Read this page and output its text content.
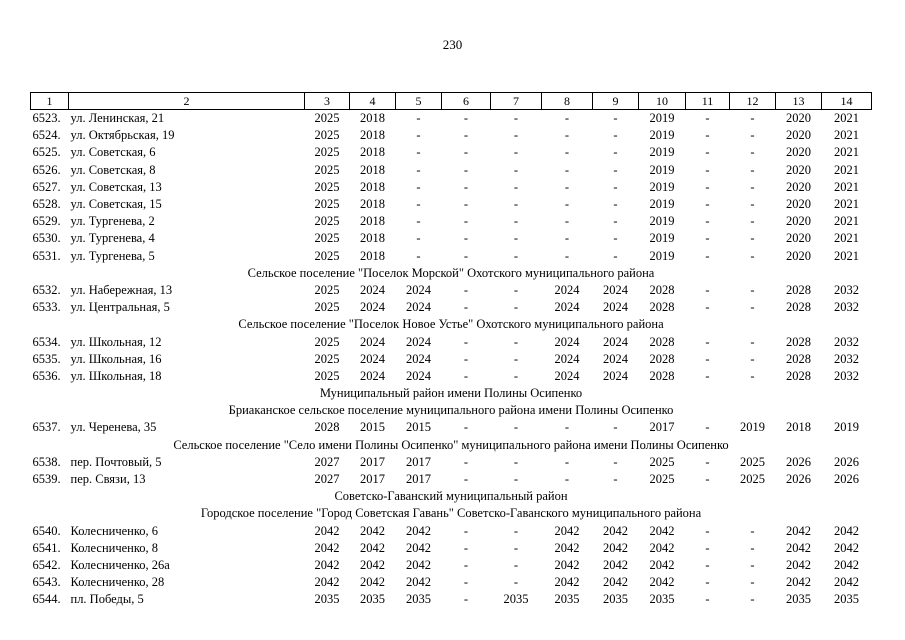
230
1	2	3	4	5	6	7	8	9	10	11	12	13	14
6523.	ул. Ленинская, 21	2025	2018	-	-	-	-	-	2019	-	-	2020	2021
6524.	ул. Октябрьская, 19	2025	2018	-	-	-	-	-	2019	-	-	2020	2021
6525.	ул. Советская, 6	2025	2018	-	-	-	-	-	2019	-	-	2020	2021
6526.	ул. Советская, 8	2025	2018	-	-	-	-	-	2019	-	-	2020	2021
6527.	ул. Советская, 13	2025	2018	-	-	-	-	-	2019	-	-	2020	2021
6528.	ул. Советская, 15	2025	2018	-	-	-	-	-	2019	-	-	2020	2021
6529.	ул. Тургенева, 2	2025	2018	-	-	-	-	-	2019	-	-	2020	2021
6530.	ул. Тургенева, 4	2025	2018	-	-	-	-	-	2019	-	-	2020	2021
6531.	ул. Тургенева, 5	2025	2018	-	-	-	-	-	2019	-	-	2020	2021
Сельское поселение "Поселок Морской" Охотского муниципального района													
6532.	ул. Набережная, 13	2025	2024	2024	-	-	2024	2024	2028	-	-	2028	2032
6533.	ул. Центральная, 5	2025	2024	2024	-	-	2024	2024	2028	-	-	2028	2032
Сельское поселение "Поселок Новое Устье" Охотского муниципального района													
6534.	ул. Школьная, 12	2025	2024	2024	-	-	2024	2024	2028	-	-	2028	2032
6535.	ул. Школьная, 16	2025	2024	2024	-	-	2024	2024	2028	-	-	2028	2032
6536.	ул. Школьная, 18	2025	2024	2024	-	-	2024	2024	2028	-	-	2028	2032
Муниципальный район имени Полины Осипенко													
Бриаканское сельское поселение муниципального района имени Полины Осипенко													
6537.	ул. Черенева, 35	2028	2015	2015	-	-	-	-	2017	-	2019	2018	2019
Сельское поселение "Село имени Полины Осипенко" муниципального района имени Полины Осипенко													
6538.	пер. Почтовый, 5	2027	2017	2017	-	-	-	-	2025	-	2025	2026	2026
6539.	пер. Связи, 13	2027	2017	2017	-	-	-	-	2025	-	2025	2026	2026
Советско-Гаванский муниципальный район													
Городское поселение "Город Советская Гавань" Советско-Гаванского муниципального района													
6540.	Колесниченко, 6	2042	2042	2042	-	-	2042	2042	2042	-	-	2042	2042
6541.	Колесниченко, 8	2042	2042	2042	-	-	2042	2042	2042	-	-	2042	2042
6542.	Колесниченко, 26а	2042	2042	2042	-	-	2042	2042	2042	-	-	2042	2042
6543.	Колесниченко, 28	2042	2042	2042	-	-	2042	2042	2042	-	-	2042	2042
6544.	пл. Победы, 5	2035	2035	2035	-	2035	2035	2035	2035	-	-	2035	2035
